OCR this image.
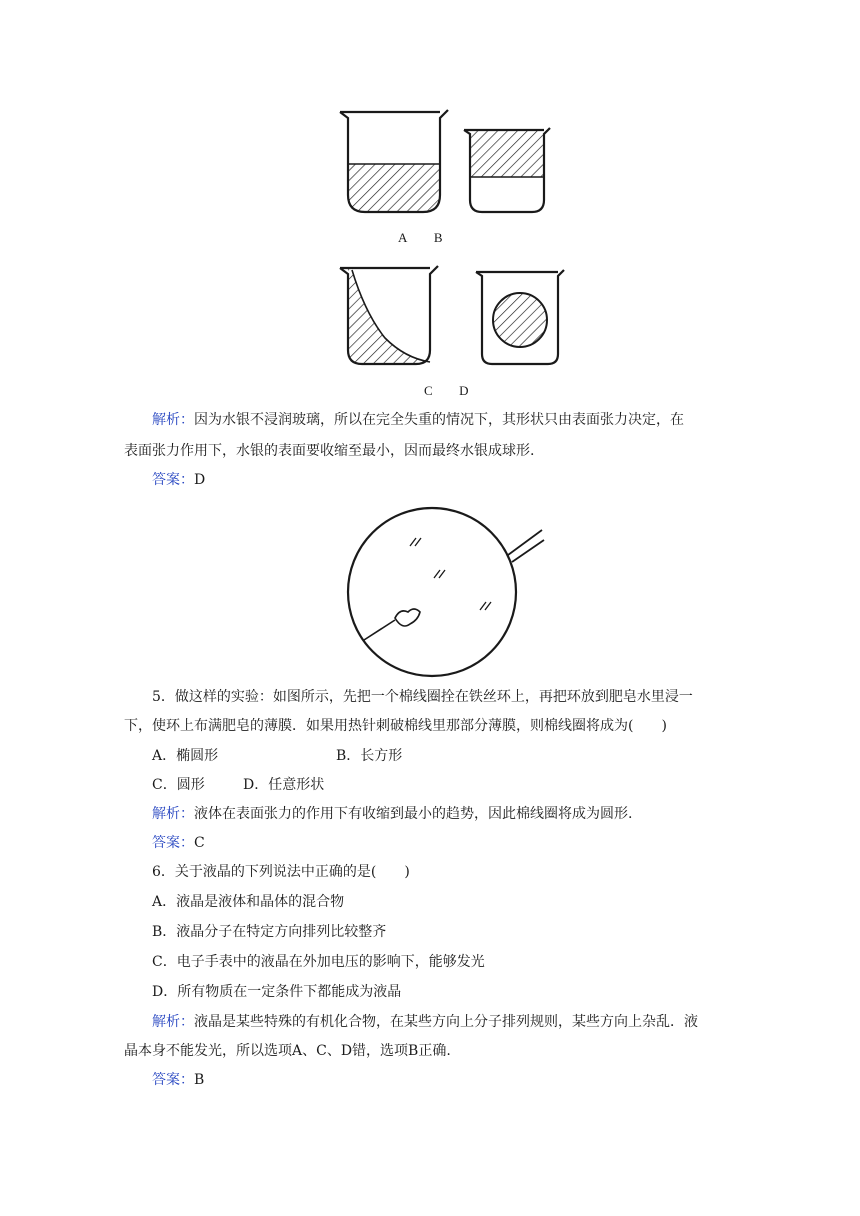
A B
C D
解析：因为水银不浸润玻璃，所以在完全失重的情况下，其形状只由表面张力决定，在
表面张力作用下，水银的表面要收缩至最小，因而最终水银成球形.
答案：D
5．做这样的实验：如图所示，先把一个棉线圈拴在铁丝环上，再把环放到肥皂水里浸一
下，使环上布满肥皂的薄膜．如果用热针刺破棉线里那部分薄膜，则棉线圈将成为(　　)
A．椭圆形	B．长方形
C．圆形	D．任意形状
解析：液体在表面张力的作用下有收缩到最小的趋势，因此棉线圈将成为圆形.
答案：C
6．关于液晶的下列说法中正确的是(　　)
A．液晶是液体和晶体的混合物
B．液晶分子在特定方向排列比较整齐
C．电子手表中的液晶在外加电压的影响下，能够发光
D．所有物质在一定条件下都能成为液晶
解析：液晶是某些特殊的有机化合物，在某些方向上分子排列规则，某些方向上杂乱．液
晶本身不能发光，所以选项A、C、D错，选项B正确.
答案：B
